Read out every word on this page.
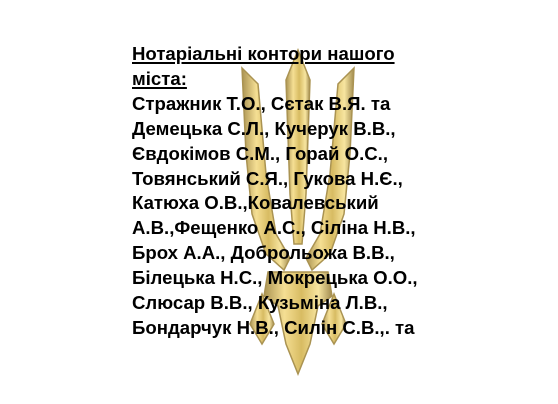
Нотаріальні контори нашого
міста:
Стражник Т.О., Сєтак В.Я. та
Демецька С.Л., Кучерук В.В.,
Євдокімов С.М., Горай О.С.,
Товянський С.Я., Гукова Н.Є.,
Катюха О.В.,Ковалевський
А.В.,Фещенко А.С., Сіліна Н.В.,
Брох А.А., Доброльожа В.В.,
Білецька Н.С., Мокрецька О.О.,
Слюсар В.В., Кузьміна Л.В.,
Бондарчук Н.В., Силін С.В.,. та
